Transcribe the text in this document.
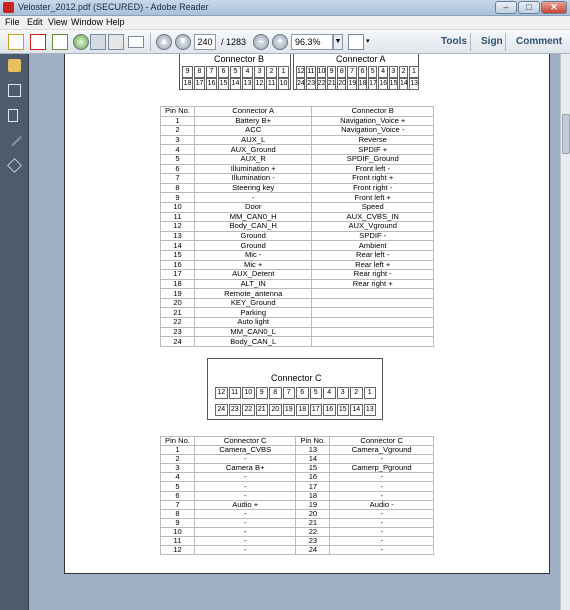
Veloster_2012.pdf (SECURED) - Adobe Reader	–	□	✕
File Edit View Window Help
▲ ▼	240 / 1283	–	+	96.3%	▼	▾	Tools Sign Comment
Connector B
9	8	7	6	5	4	3	2	1
18 17 16 15 14 13 12 11 10
Connector A
12 11 10 9 8 7 6 5 4 3 2 1
24 23 22 21 20 19 18 17 16 15 14 13
Pin No.	Connector A	Connector B
1	Battery B+	Navigation_Voice +
2	ACC	Navigation_Voice -
3	AUX_L	Reverse
4	AUX_Ground	SPDIF +
5	AUX_R	SPDIF_Ground
6	Illumination +	Front left -
7	Illumination -	Front right +
8	Steering key	Front right -
9	-	Front left +
10	Door	Speed
11	MM_CAN0_H	AUX_CVBS_IN
12	Body_CAN_H	AUX_Vground
13	Ground	SPDIF -
14	Ground	Ambient
15	Mic -	Rear left -
16	Mic +	Rear left +
17	AUX_Detent	Rear right -
18	ALT_IN	Rear right +
19	Remote_antenna	
20	KEY_Ground	
21	Parking	
22	Auto light	
23	MM_CAN0_L	
24	Body_CAN_L	
Connector C
12 11 10	9	8	7	6	5	4	3	2	1
24 23 22 21 20 19 18 17 16 15 14 13
Pin No.	Connector C	Pin No.	Connector C
1	Camera_CVBS	13	Camera_Vground
2	-	14	-
3	Camera B+	15	Camerp_Pground
4	-	16	-
5	-	17	-
6	-	18	-
7	Audio +	19	Audio -
8	-	20	-
9	-	21	-
10	-	22	-
11	-	23	-
12	-	24	-
